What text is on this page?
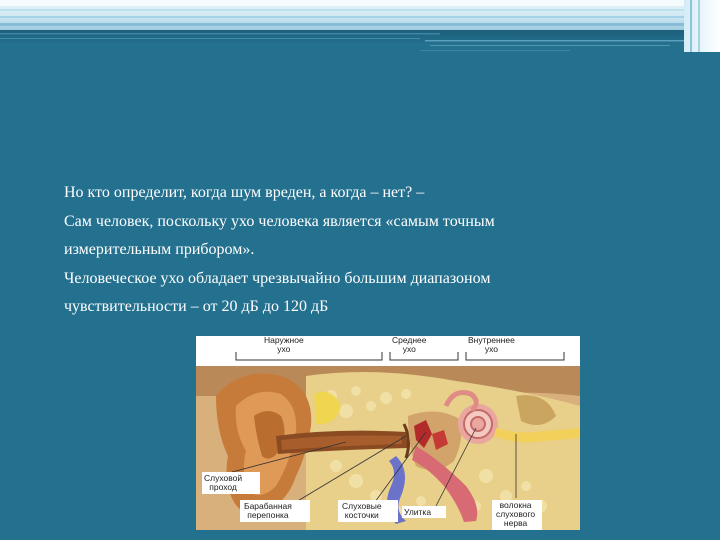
Но кто определит, когда шум вреден, а когда – нет? –
Сам человек, поскольку ухо человека является «самым точным
измерительным прибором».
Человеческое ухо обладает чрезвычайно большим диапазоном
чувствительности – от 20 дБ до 120 дБ
Наружное
ухо
Среднее
ухо
Внутреннее
ухо
Слуховой
проход
Барабанная
перепонка
Слуховые
косточки	Улитка
волокна
слухового
нерва
